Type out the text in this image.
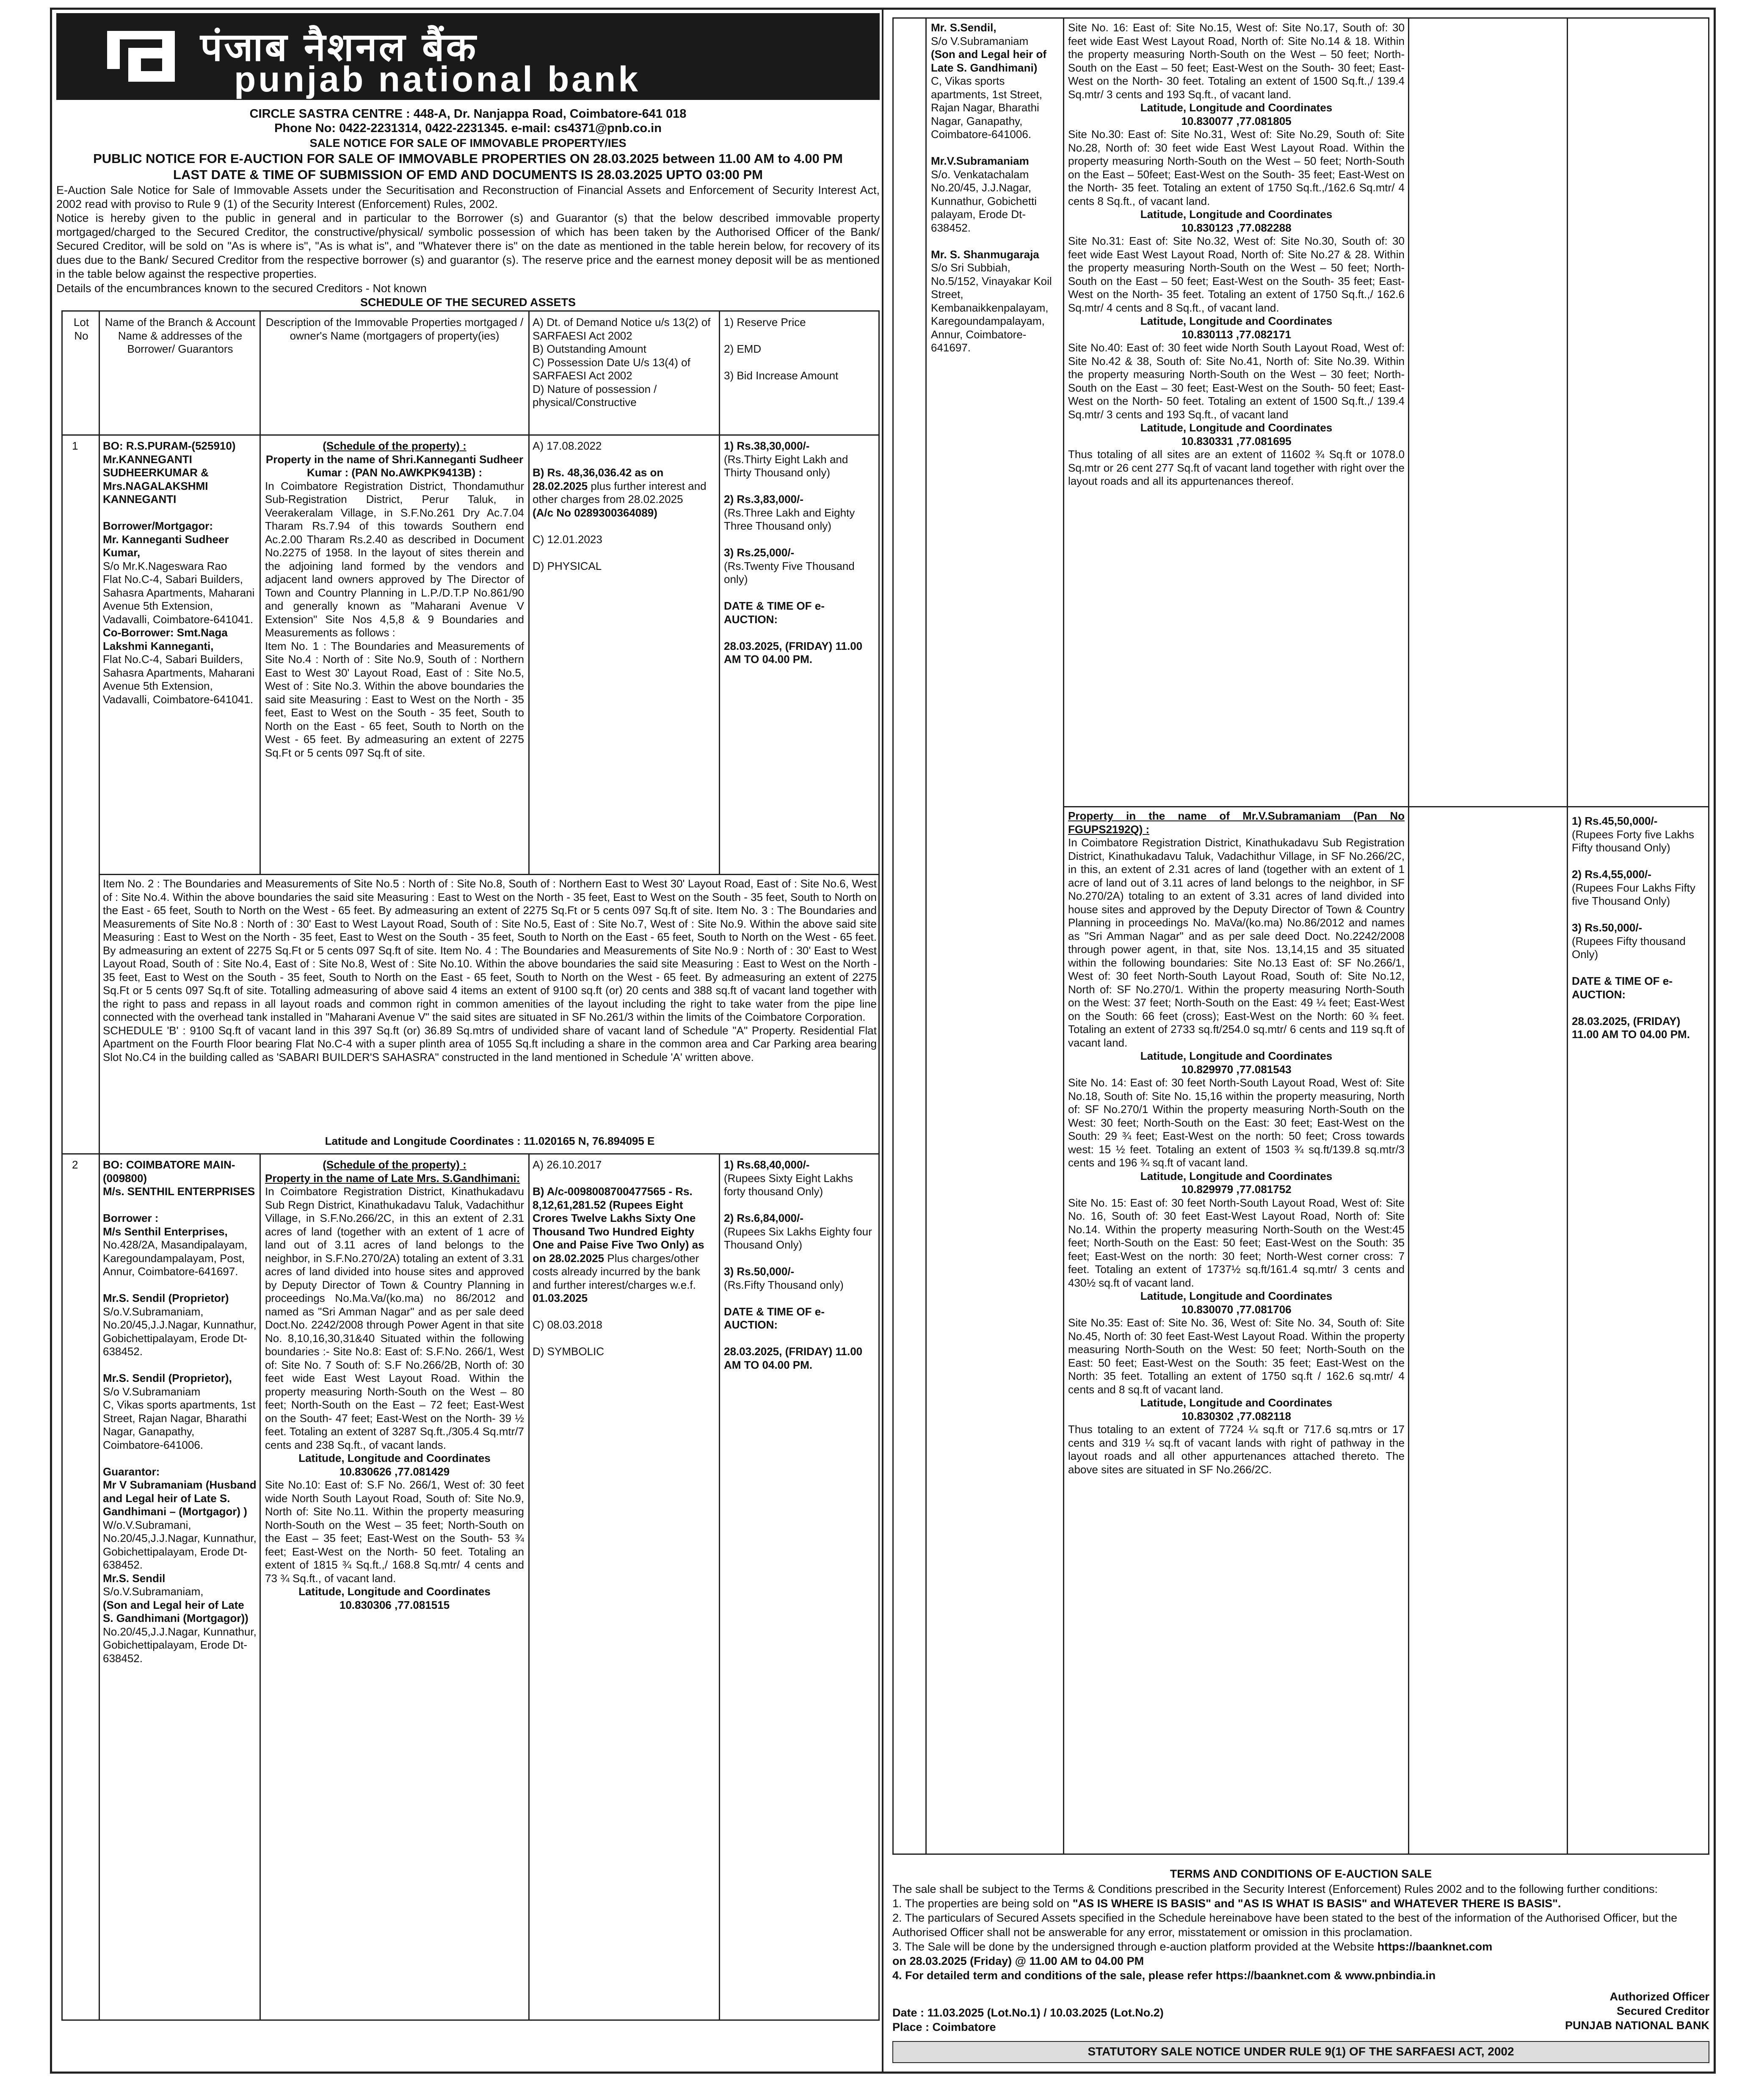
पंजाब नैशनल बैंक
punjab national bank
CIRCLE SASTRA CENTRE : 448-A, Dr. Nanjappa Road, Coimbatore-641 018
Phone No: 0422-2231314, 0422-2231345. e-mail: cs4371@pnb.co.in
SALE NOTICE FOR SALE OF IMMOVABLE PROPERTY/IES
PUBLIC NOTICE FOR E-AUCTION FOR SALE OF IMMOVABLE PROPERTIES ON 28.03.2025 between 11.00 AM to 4.00 PM
LAST DATE & TIME OF SUBMISSION OF EMD AND DOCUMENTS IS 28.03.2025 UPTO 03:00 PM
E-Auction Sale Notice for Sale of Immovable Assets under the Securitisation and Reconstruction of Financial Assets and Enforcement of Security Interest Act, 2002 read with proviso to Rule 9 (1) of the Security Interest (Enforcement) Rules, 2002.
Notice is hereby given to the public in general and in particular to the Borrower (s) and Guarantor (s) that the below described immovable property mortgaged/charged to the Secured Creditor, the constructive/physical/ symbolic possession of which has been taken by the Authorised Officer of the Bank/ Secured Creditor, will be sold on "As is where is", "As is what is", and "Whatever there is" on the date as mentioned in the table herein below, for recovery of its dues due to the Bank/ Secured Creditor from the respective borrower (s) and guarantor (s). The reserve price and the earnest money deposit will be as mentioned in the table below against the respective properties.
Details of the encumbrances known to the secured Creditors - Not known
SCHEDULE OF THE SECURED ASSETS
Lot No
Name of the Branch & Account Name & addresses of the Borrower/ Guarantors
Description of the Immovable Properties mortgaged / owner's Name (mortgagers of property(ies)
A) Dt. of Demand Notice u/s 13(2) of SARFAESI Act 2002
B) Outstanding Amount
C) Possession Date U/s 13(4) of SARFAESI Act 2002
D) Nature of possession / physical/Constructive
1) Reserve Price

2) EMD

3) Bid Increase Amount
1	BO: R.S.PURAM-(525910)
Mr.KANNEGANTI SUDHEERKUMAR & Mrs.NAGALAKSHMI KANNEGANTI

Borrower/Mortgagor:
Mr. Kanneganti Sudheer Kumar,
S/o Mr.K.Nageswara Rao
Flat No.C-4, Sabari Builders,
Sahasra Apartments, Maharani Avenue 5th Extension, Vadavalli, Coimbatore-641041.
Co-Borrower: Smt.Naga Lakshmi Kanneganti,
Flat No.C-4, Sabari Builders,
Sahasra Apartments, Maharani Avenue 5th Extension, Vadavalli, Coimbatore-641041.
(Schedule of the property) :
Property in the name of Shri.Kanneganti Sudheer Kumar : (PAN No.AWKPK9413B) :
In Coimbatore Registration District, Thondamuthur Sub-Registration District, Perur Taluk, in Veerakeralam Village, in S.F.No.261 Dry Ac.7.04 Tharam Rs.7.94 of this towards Southern end Ac.2.00 Tharam Rs.2.40 as described in Document No.2275 of 1958. In the layout of sites therein and the adjoining land formed by the vendors and adjacent land owners approved by The Director of Town and Country Planning in L.P./D.T.P No.861/90 and generally known as "Maharani Avenue V Extension" Site Nos 4,5,8 & 9 Boundaries and Measurements as follows :
Item No. 1 : The Boundaries and Measurements of Site No.4 : North of : Site No.9, South of : Northern East to West 30' Layout Road, East of : Site No.5, West of : Site No.3. Within the above boundaries the said site Measuring : East to West on the North - 35 feet, East to West on the South - 35 feet, South to North on the East - 65 feet, South to North on the West - 65 feet. By admeasuring an extent of 2275 Sq.Ft or 5 cents 097 Sq.ft of site.
A) 17.08.2022

B) Rs. 48,36,036.42 as on 28.02.2025 plus further interest and other charges from 28.02.2025
(A/c No 0289300364089)

C) 12.01.2023

D) PHYSICAL
1) Rs.38,30,000/-
(Rs.Thirty Eight Lakh and Thirty Thousand only)

2) Rs.3,83,000/-
(Rs.Three Lakh and Eighty Three Thousand only)

3) Rs.25,000/-
(Rs.Twenty Five Thousand only)

DATE & TIME OF e-AUCTION:

28.03.2025, (FRIDAY) 11.00 AM TO 04.00 PM.
Item No. 2 : The Boundaries and Measurements of Site No.5 : North of : Site No.8, South of : Northern East to West 30' Layout Road, East of : Site No.6, West of : Site No.4. Within the above boundaries the said site Measuring : East to West on the North - 35 feet, East to West on the South - 35 feet, South to North on the East - 65 feet, South to North on the West - 65 feet. By admeasuring an extent of 2275 Sq.Ft or 5 cents 097 Sq.ft of site. Item No. 3 : The Boundaries and Measurements of Site No.8 : North of : 30' East to West Layout Road, South of : Site No.5, East of : Site No.7, West of : Site No.9. Within the above said site Measuring : East to West on the North - 35 feet, East to West on the South - 35 feet, South to North on the East - 65 feet, South to North on the West - 65 feet. By admeasuring an extent of 2275 Sq.Ft or 5 cents 097 Sq.ft of site. Item No. 4 : The Boundaries and Measurements of Site No.9 : North of : 30' East to West Layout Road, South of : Site No.4, East of : Site No.8, West of : Site No.10. Within the above boundaries the said site Measuring : East to West on the North - 35 feet, East to West on the South - 35 feet, South to North on the East - 65 feet, South to North on the West - 65 feet. By admeasuring an extent of 2275 Sq.Ft or 5 cents 097 Sq.ft of site. Totalling admeasuring of above said 4 items an extent of 9100 sq.ft (or) 20 cents and 388 sq.ft of vacant land together with the right to pass and repass in all layout roads and common right in common amenities of the layout including the right to take water from the pipe line connected with the overhead tank installed in "Maharani Avenue V" the said sites are situated in SF No.261/3 within the limits of the Coimbatore Corporation.
SCHEDULE 'B' : 9100 Sq.ft of vacant land in this 397 Sq.ft (or) 36.89 Sq.mtrs of undivided share of vacant land of Schedule "A" Property. Residential Flat Apartment on the Fourth Floor bearing Flat No.C-4 with a super plinth area of 1055 Sq.ft including a share in the common area and Car Parking area bearing Slot No.C4 in the building called as 'SABARI BUILDER'S SAHASRA" constructed in the land mentioned in Schedule 'A' written above.
Latitude and Longitude Coordinates : 11.020165 N, 76.894095 E
2	BO: COIMBATORE MAIN-(009800)
M/s. SENTHIL ENTERPRISES

Borrower :
M/s Senthil Enterprises,
No.428/2A, Masandipalayam, Karegoundampalayam, Post, Annur, Coimbatore-641697.

Mr.S. Sendil (Proprietor)
S/o.V.Subramaniam, No.20/45,J.J.Nagar, Kunnathur, Gobichettipalayam, Erode Dt-638452.

Mr.S. Sendil (Proprietor),
S/o V.Subramaniam
C, Vikas sports apartments, 1st Street, Rajan Nagar, Bharathi Nagar, Ganapathy, Coimbatore-641006.

Guarantor:
Mr V Subramaniam (Husband and Legal heir of Late S. Gandhimani – (Mortgagor) )
W/o.V.Subramani, No.20/45,J.J.Nagar, Kunnathur, Gobichettipalayam, Erode Dt-638452.
Mr.S. Sendil
S/o.V.Subramaniam,
(Son and Legal heir of Late S. Gandhimani (Mortgagor))
No.20/45,J.J.Nagar, Kunnathur, Gobichettipalayam, Erode Dt-638452.
(Schedule of the property) :
Property in the name of Late Mrs. S.Gandhimani:
In Coimbatore Registration District, Kinathukadavu Sub Regn District, Kinathukadavu Taluk, Vadachithur Village, in S.F.No.266/2C, in this an extent of 2.31 acres of land (together with an extent of 1 acre of land out of 3.11 acres of land belongs to the neighbor, in S.F.No.270/2A) totaling an extent of 3.31 acres of land divided into house sites and approved by Deputy Director of Town & Country Planning in proceedings No.Ma.Va/(ko.ma) no 86/2012 and named as "Sri Amman Nagar" and as per sale deed Doct.No. 2242/2008 through Power Agent in that site No. 8,10,16,30,31&40 Situated within the following boundaries :- Site No.8: East of: S.F.No. 266/1, West of: Site No. 7 South of: S.F No.266/2B, North of: 30 feet wide East West Layout Road. Within the property measuring North-South on the West – 80 feet; North-South on the East – 72 feet; East-West on the South- 47 feet; East-West on the North- 39 ½ feet. Totaling an extent of 3287 Sq.ft.,/305.4 Sq.mtr/7 cents and 238 Sq.ft., of vacant lands.
Latitude, Longitude and Coordinates
10.830626 ,77.081429
Site No.10: East of: S.F No. 266/1, West of: 30 feet wide North South Layout Road, South of: Site No.9, North of: Site No.11. Within the property measuring North-South on the West – 35 feet; North-South on the East – 35 feet; East-West on the South- 53 ¾ feet; East-West on the North- 50 feet. Totaling an extent of 1815 ¾ Sq.ft.,/ 168.8 Sq.mtr/ 4 cents and 73 ¾ Sq.ft., of vacant land.
Latitude, Longitude and Coordinates
10.830306 ,77.081515
A) 26.10.2017

B) A/c-0098008700477565 - Rs. 8,12,61,281.52 (Rupees Eight Crores Twelve Lakhs Sixty One Thousand Two Hundred Eighty One and Paise Five Two Only) as on 28.02.2025 Plus charges/other costs already incurred by the bank and further interest/charges w.e.f.
01.03.2025

C) 08.03.2018

D) SYMBOLIC
1) Rs.68,40,000/-
(Rupees Sixty Eight Lakhs forty thousand Only)

2) Rs.6,84,000/-
(Rupees Six Lakhs Eighty four Thousand Only)

3) Rs.50,000/-
(Rs.Fifty Thousand only)

DATE & TIME OF e-AUCTION:

28.03.2025, (FRIDAY) 11.00 AM TO 04.00 PM.
Mr. S.Sendil,
S/o V.Subramaniam
(Son and Legal heir of Late S. Gandhimani)
C, Vikas sports apartments, 1st Street, Rajan Nagar, Bharathi Nagar, Ganapathy, Coimbatore-641006.

Mr.V.Subramaniam
S/o. Venkatachalam No.20/45, J.J.Nagar, Kunnathur, Gobichetti palayam, Erode Dt-638452.

Mr. S. Shanmugaraja
S/o Sri Subbiah, No.5/152, Vinayakar Koil Street, Kembanaikkenpalayam, Karegoundampalayam, Annur, Coimbatore-641697.
Site No. 16: East of: Site No.15, West of: Site No.17, South of: 30 feet wide East West Layout Road, North of: Site No.14 & 18. Within the property measuring North-South on the West – 50 feet; North-South on the East – 50 feet; East-West on the South- 30 feet; East-West on the North- 30 feet. Totaling an extent of 1500 Sq.ft.,/ 139.4 Sq.mtr/ 3 cents and 193 Sq.ft., of vacant land.
Latitude, Longitude and Coordinates
10.830077 ,77.081805
Site No.30: East of: Site No.31, West of: Site No.29, South of: Site No.28, North of: 30 feet wide East West Layout Road. Within the property measuring North-South on the West – 50 feet; North-South on the East – 50feet; East-West on the South- 35 feet; East-West on the North- 35 feet. Totaling an extent of 1750 Sq.ft.,/162.6 Sq.mtr/ 4 cents 8 Sq.ft., of vacant land.
Latitude, Longitude and Coordinates
10.830123 ,77.082288
Site No.31: East of: Site No.32, West of: Site No.30, South of: 30 feet wide East West Layout Road, North of: Site No.27 & 28. Within the property measuring North-South on the West – 50 feet; North-South on the East – 50 feet; East-West on the South- 35 feet; East-West on the North- 35 feet. Totaling an extent of 1750 Sq.ft.,/ 162.6 Sq.mtr/ 4 cents and 8 Sq.ft., of vacant land.
Latitude, Longitude and Coordinates
10.830113 ,77.082171
Site No.40: East of: 30 feet wide North South Layout Road, West of: Site No.42 & 38, South of: Site No.41, North of: Site No.39. Within the property measuring North-South on the West – 30 feet; North-South on the East – 30 feet; East-West on the South- 50 feet; East-West on the North- 50 feet. Totaling an extent of 1500 Sq.ft.,/ 139.4 Sq.mtr/ 3 cents and 193 Sq.ft., of vacant land
Latitude, Longitude and Coordinates
10.830331 ,77.081695
Thus totaling of all sites are an extent of 11602 ¾ Sq.ft or 1078.0 Sq.mtr or 26 cent 277 Sq.ft of vacant land together with right over the layout roads and all its appurtenances thereof.
Property in the name of Mr.V.Subramaniam (Pan No FGUPS2192Q) :
In Coimbatore Registration District, Kinathukadavu Sub Registration District, Kinathukadavu Taluk, Vadachithur Village, in SF No.266/2C, in this, an extent of 2.31 acres of land (together with an extent of 1 acre of land out of 3.11 acres of land belongs to the neighbor, in SF No.270/2A) totaling to an extent of 3.31 acres of land divided into house sites and approved by the Deputy Director of Town & Country Planning in proceedings No. MaVa/(ko.ma) No.86/2012 and names as "Sri Amman Nagar" and as per sale deed Doct. No.2242/2008 through power agent, in that, site Nos. 13,14,15 and 35 situated within the following boundaries: Site No.13 East of: SF No.266/1, West of: 30 feet North-South Layout Road, South of: Site No.12, North of: SF No.270/1. Within the property measuring North-South on the West: 37 feet; North-South on the East: 49 ¼ feet; East-West on the South: 66 feet (cross); East-West on the North: 60 ¾ feet. Totaling an extent of 2733 sq.ft/254.0 sq.mtr/ 6 cents and 119 sq.ft of vacant land.
Latitude, Longitude and Coordinates
10.829970 ,77.081543
Site No. 14: East of: 30 feet North-South Layout Road, West of: Site No.18, South of: Site No. 15,16 within the property measuring, North of: SF No.270/1 Within the property measuring North-South on the West: 30 feet; North-South on the East: 30 feet; East-West on the South: 29 ¾ feet; East-West on the north: 50 feet; Cross towards west: 15 ½ feet. Totaling an extent of 1503 ¾ sq.ft/139.8 sq.mtr/3 cents and 196 ¾ sq.ft of vacant land.
Latitude, Longitude and Coordinates
10.829979 ,77.081752
Site No. 15: East of: 30 feet North-South Layout Road, West of: Site No. 16, South of: 30 feet East-West Layout Road, North of: Site No.14. Within the property measuring North-South on the West:45 feet; North-South on the East: 50 feet; East-West on the South: 35 feet; East-West on the north: 30 feet; North-West corner cross: 7 feet. Totaling an extent of 1737½ sq.ft/161.4 sq.mtr/ 3 cents and 430½ sq.ft of vacant land.
Latitude, Longitude and Coordinates
10.830070 ,77.081706
Site No.35: East of: Site No. 36, West of: Site No. 34, South of: Site No.45, North of: 30 feet East-West Layout Road. Within the property measuring North-South on the West: 50 feet; North-South on the East: 50 feet; East-West on the South: 35 feet; East-West on the North: 35 feet. Totalling an extent of 1750 sq.ft / 162.6 sq.mtr/ 4 cents and 8 sq.ft of vacant land.
Latitude, Longitude and Coordinates
10.830302 ,77.082118
Thus totaling to an extent of 7724 ¼ sq.ft or 717.6 sq.mtrs or 17 cents and 319 ¼ sq.ft of vacant lands with right of pathway in the layout roads and all other appurtenances attached thereto. The above sites are situated in SF No.266/2C.
1) Rs.45,50,000/-
(Rupees Forty five Lakhs Fifty thousand Only)

2) Rs.4,55,000/-
(Rupees Four Lakhs Fifty five Thousand Only)

3) Rs.50,000/-
(Rupees Fifty thousand Only)

DATE & TIME OF e-AUCTION:

28.03.2025, (FRIDAY) 11.00 AM TO 04.00 PM.
TERMS AND CONDITIONS OF E-AUCTION SALE
The sale shall be subject to the Terms & Conditions prescribed in the Security Interest (Enforcement) Rules 2002 and to the following further conditions:
1. The properties are being sold on "AS IS WHERE IS BASIS" and "AS IS WHAT IS BASIS" and WHATEVER THERE IS BASIS".
2. The particulars of Secured Assets specified in the Schedule hereinabove have been stated to the best of the information of the Authorised Officer, but the Authorised Officer shall not be answerable for any error, misstatement or omission in this proclamation.
3. The Sale will be done by the undersigned through e-auction platform provided at the Website https://baanknet.com
on 28.03.2025 (Friday) @ 11.00 AM to 04.00 PM
4. For detailed term and conditions of the sale, please refer https://baanknet.com & www.pnbindia.in
Date : 11.03.2025 (Lot.No.1) / 10.03.2025 (Lot.No.2)
Place : Coimbatore
Authorized Officer
Secured Creditor
PUNJAB NATIONAL BANK
STATUTORY SALE NOTICE UNDER RULE 9(1) OF THE SARFAESI ACT, 2002
